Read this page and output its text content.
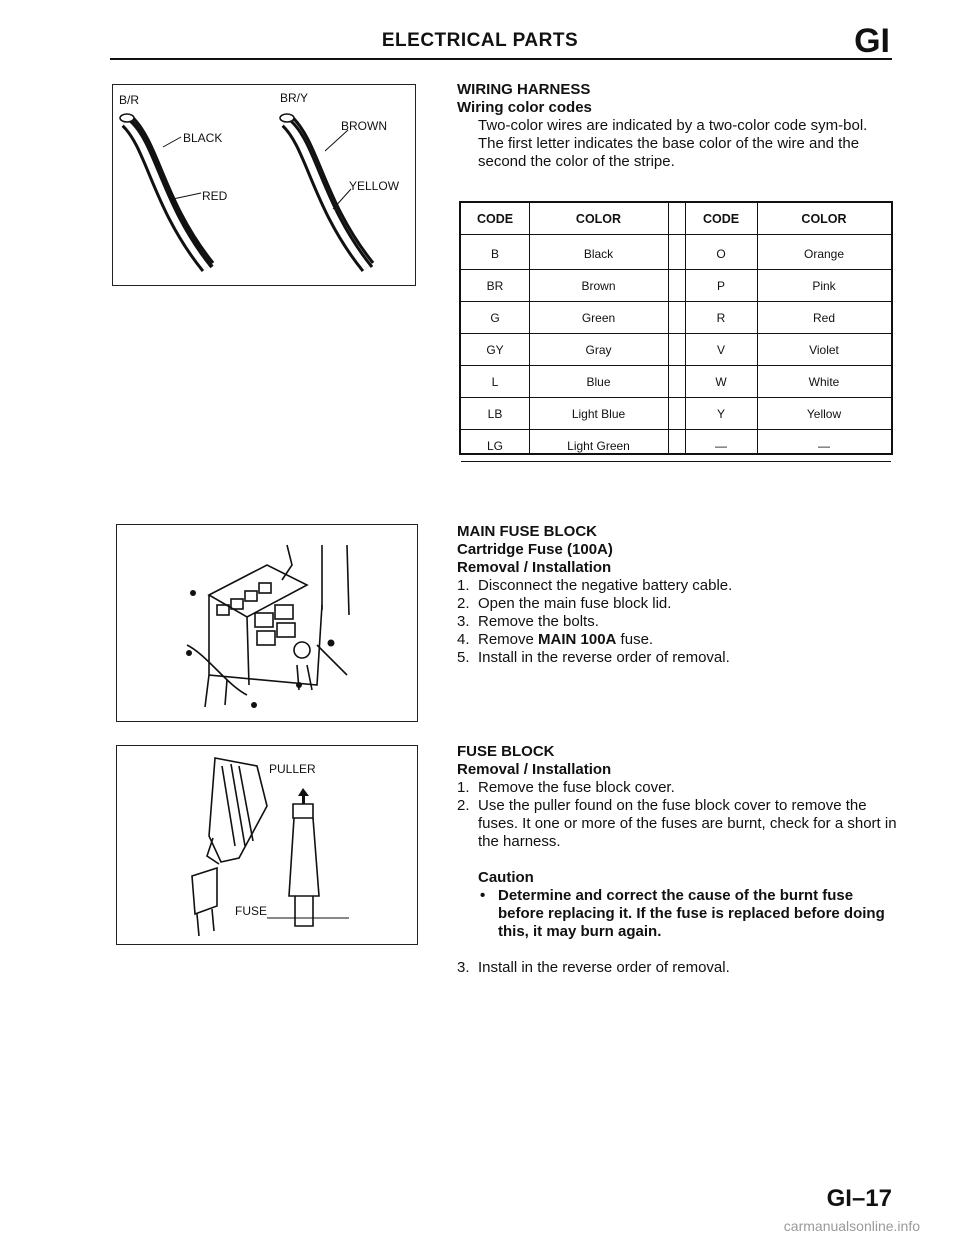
ELECTRICAL PARTS	GI
B/R	BR/Y
BLACK
RED
BROWN
YELLOW

WIRING HARNESS

Wiring color codes

Two-color wires are indicated by a two-color code sym-bol.

The first letter indicates the base color of the wire and the second the color of the stripe.

CODE	COLOR	CODE	COLOR
B	Black	O	Orange
BR	Brown	P	Pink
G	Green	R	Red
GY	Gray	V	Violet
L	Blue	W	White
LB	Light Blue	Y	Yellow
LG	Light Green	—	—

MAIN FUSE BLOCK

Cartridge Fuse (100A)

Removal / Installation

1. Disconnect the negative battery cable.
2. Open the main fuse block lid.
3. Remove the bolts.
4. Remove MAIN 100A fuse.
5. Install in the reverse order of removal.
PULLER
FUSE

FUSE BLOCK

Removal / Installation

1. Remove the fuse block cover.
2. Use the puller found on the fuse block cover to remove the fuses. It one or more of the fuses are burnt, check for a short in the harness.

Caution

• Determine and correct the cause of the burnt fuse before replacing it. If the fuse is replaced before doing this, it may burn again.

3. Install in the reverse order of removal.
GI–17
carmanualsonline.info
